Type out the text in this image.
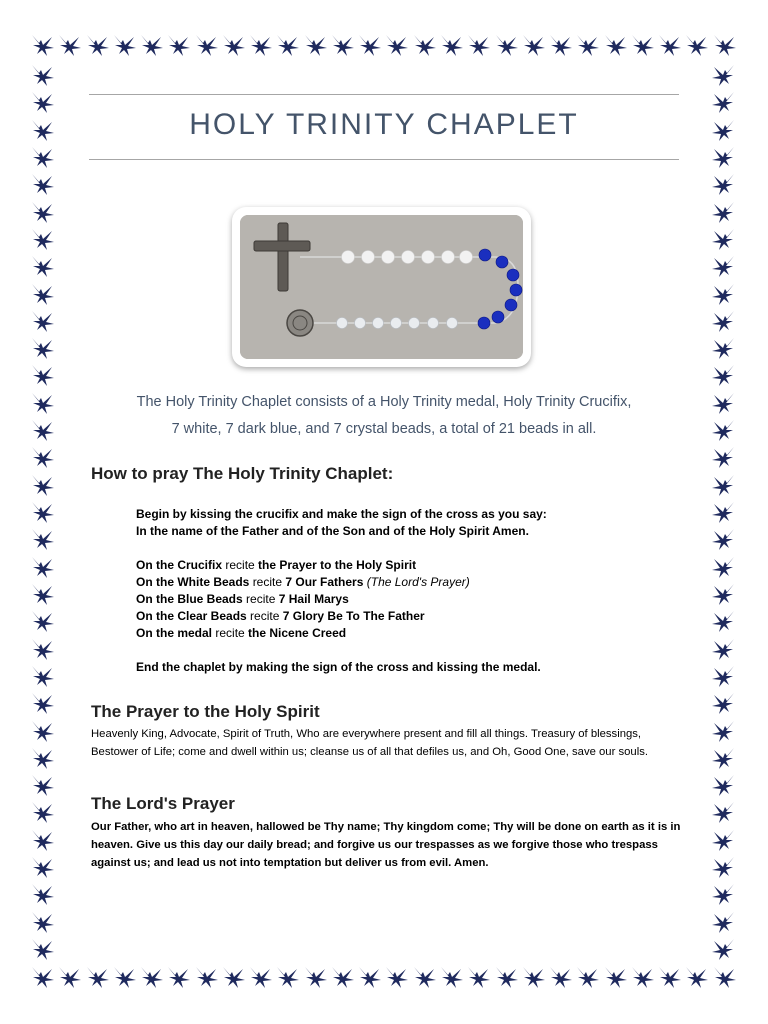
HOLY TRINITY CHAPLET
The Holy Trinity Chaplet consists of a Holy Trinity medal, Holy Trinity Crucifix,
7 white, 7 dark blue, and 7 crystal beads, a total of 21 beads in all.
How to pray The Holy Trinity Chaplet:

Begin by kissing the crucifix and make the sign of the cross as you say:

In the name of the Father and of the Son and of the Holy Spirit Amen.

On the Crucifix recite the Prayer to the Holy Spirit

On the White Beads recite 7 Our Fathers (The Lord's Prayer)

On the Blue Beads recite 7 Hail Marys

On the Clear Beads recite 7 Glory Be To The Father

On the medal recite the Nicene Creed

End the chaplet by making the sign of the cross and kissing the medal.

The Prayer to the Holy Spirit

Heavenly King, Advocate, Spirit of Truth, Who are everywhere present and fill all things. Treasury of blessings, Bestower of Life; come and dwell within us; cleanse us of all that defiles us, and Oh, Good One, save our souls.

The Lord's Prayer

Our Father, who art in heaven, hallowed be Thy name; Thy kingdom come; Thy will be done on earth as it is in heaven. Give us this day our daily bread; and forgive us our trespasses as we forgive those who trespass against us; and lead us not into temptation but deliver us from evil. Amen.
